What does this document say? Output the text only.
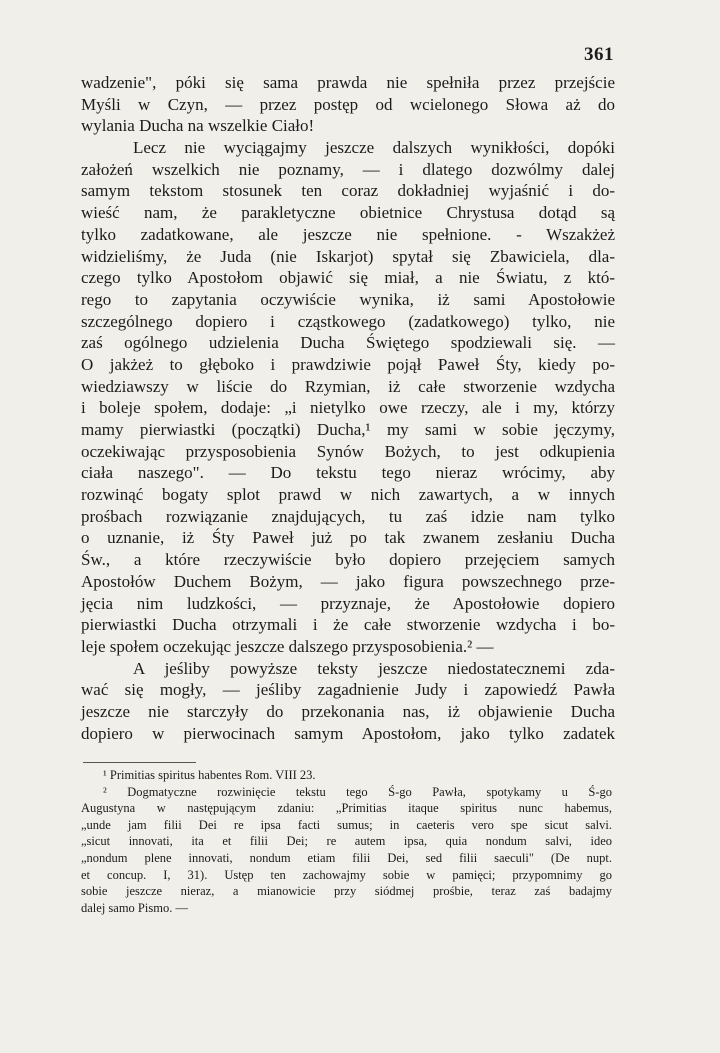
361
wadzenie", póki się sama prawda nie spełniła przez przejście
Myśli w Czyn, — przez postęp od wcielonego Słowa aż do
wylania Ducha na wszelkie Ciało!
Lecz nie wyciągajmy jeszcze dalszych wynikłości, dopóki
założeń wszelkich nie poznamy, — i dlatego dozwólmy dalej
samym tekstom stosunek ten coraz dokładniej wyjaśnić i do-
wieść nam, że parakletyczne obietnice Chrystusa dotąd są
tylko zadatkowane, ale jeszcze nie spełnione. - Wszakżeż
widzieliśmy, że Juda (nie Iskarjot) spytał się Zbawiciela, dla-
czego tylko Apostołom objawić się miał, a nie Światu, z któ-
rego to zapytania oczywiście wynika, iż sami Apostołowie
szczególnego dopiero i cząstkowego (zadatkowego) tylko, nie
zaś ogólnego udzielenia Ducha Świętego spodziewali się. —
O jakżeż to głęboko i prawdziwie pojął Paweł Śty, kiedy po-
wiedziawszy w liście do Rzymian, iż całe stworzenie wzdycha
i boleje społem, dodaje: „i nietylko owe rzeczy, ale i my, którzy
mamy pierwiastki (początki) Ducha,¹ my sami w sobie jęczymy,
oczekiwając przysposobienia Synów Bożych, to jest odkupienia
ciała naszego". — Do tekstu tego nieraz wrócimy, aby
rozwinąć bogaty splot prawd w nich zawartych, a w innych
prośbach rozwiązanie znajdujących, tu zaś idzie nam tylko
o uznanie, iż Śty Paweł już po tak zwanem zesłaniu Ducha
Św., a które rzeczywiście było dopiero przejęciem samych
Apostołów Duchem Bożym, — jako figura powszechnego prze-
jęcia nim ludzkości, — przyznaje, że Apostołowie dopiero
pierwiastki Ducha otrzymali i że całe stworzenie wzdycha i bo-
leje społem oczekując jeszcze dalszego przysposobienia.² —
A jeśliby powyższe teksty jeszcze niedostatecznemi zda-
wać się mogły, — jeśliby zagadnienie Judy i zapowiedź Pawła
jeszcze nie starczyły do przekonania nas, iż objawienie Ducha
dopiero w pierwocinach samym Apostołom, jako tylko zadatek
¹ Primitias spiritus habentes Rom. VIII 23.
² Dogmatyczne rozwinięcie tekstu tego Ś-go Pawła, spotykamy u Ś-go
Augustyna w następującym zdaniu: „Primitias itaque spiritus nunc habemus,
„unde jam filii Dei re ipsa facti sumus; in caeteris vero spe sicut salvi.
„sicut innovati, ita et filii Dei; re autem ipsa, quia nondum salvi, ideo
„nondum plene innovati, nondum etiam filii Dei, sed filii saeculi" (De nupt.
et concup. I, 31). Ustęp ten zachowajmy sobie w pamięci; przypomnimy go
sobie jeszcze nieraz, a mianowicie przy siódmej prośbie, teraz zaś badajmy
dalej samo Pismo. —
